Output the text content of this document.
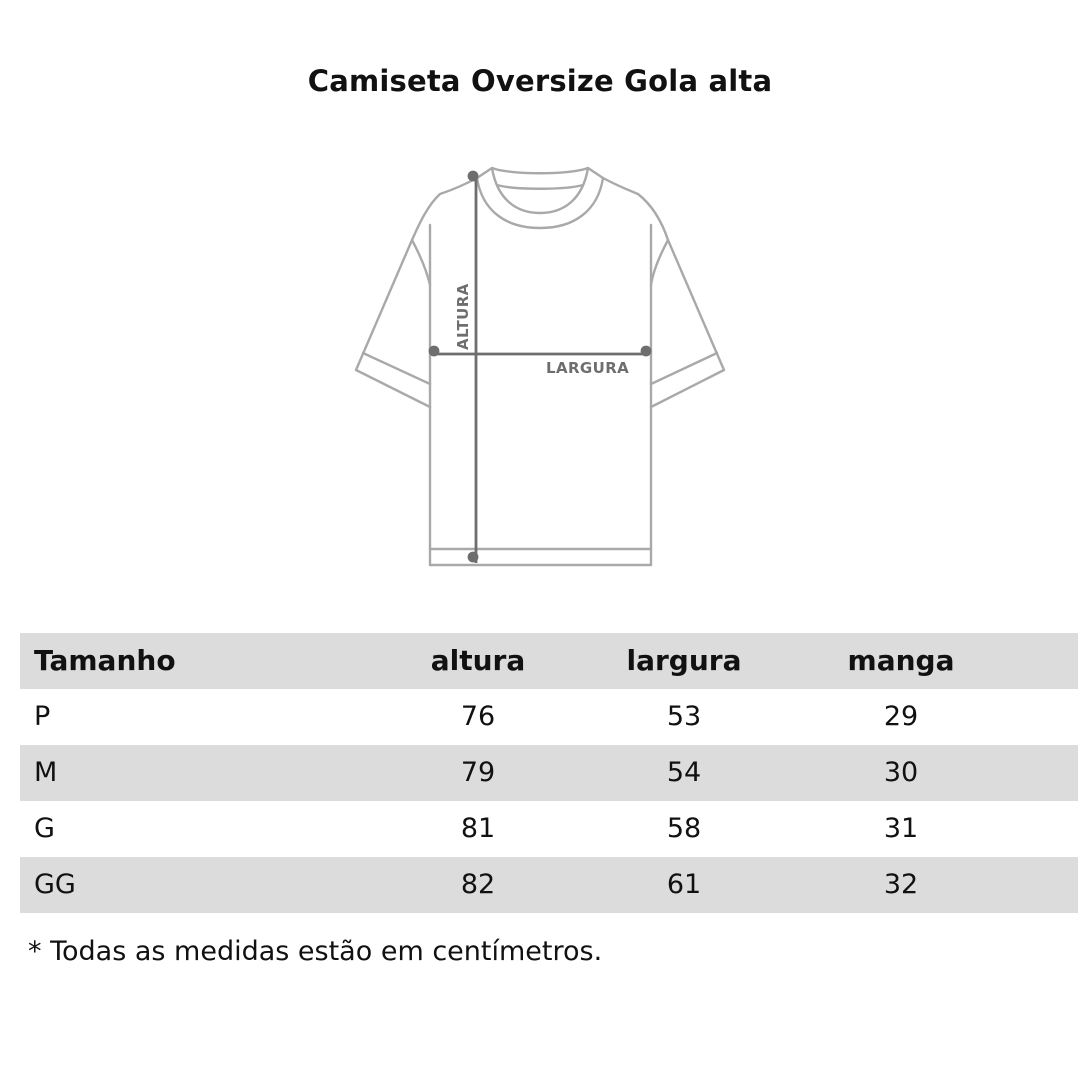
Camiseta Oversize Gola alta
ALTURA
LARGURA
Tamanho	altura	largura	manga
P	76	53	29
M	79	54	30
G	81	58	31
GG	82	61	32
* Todas as medidas estão em centímetros.
